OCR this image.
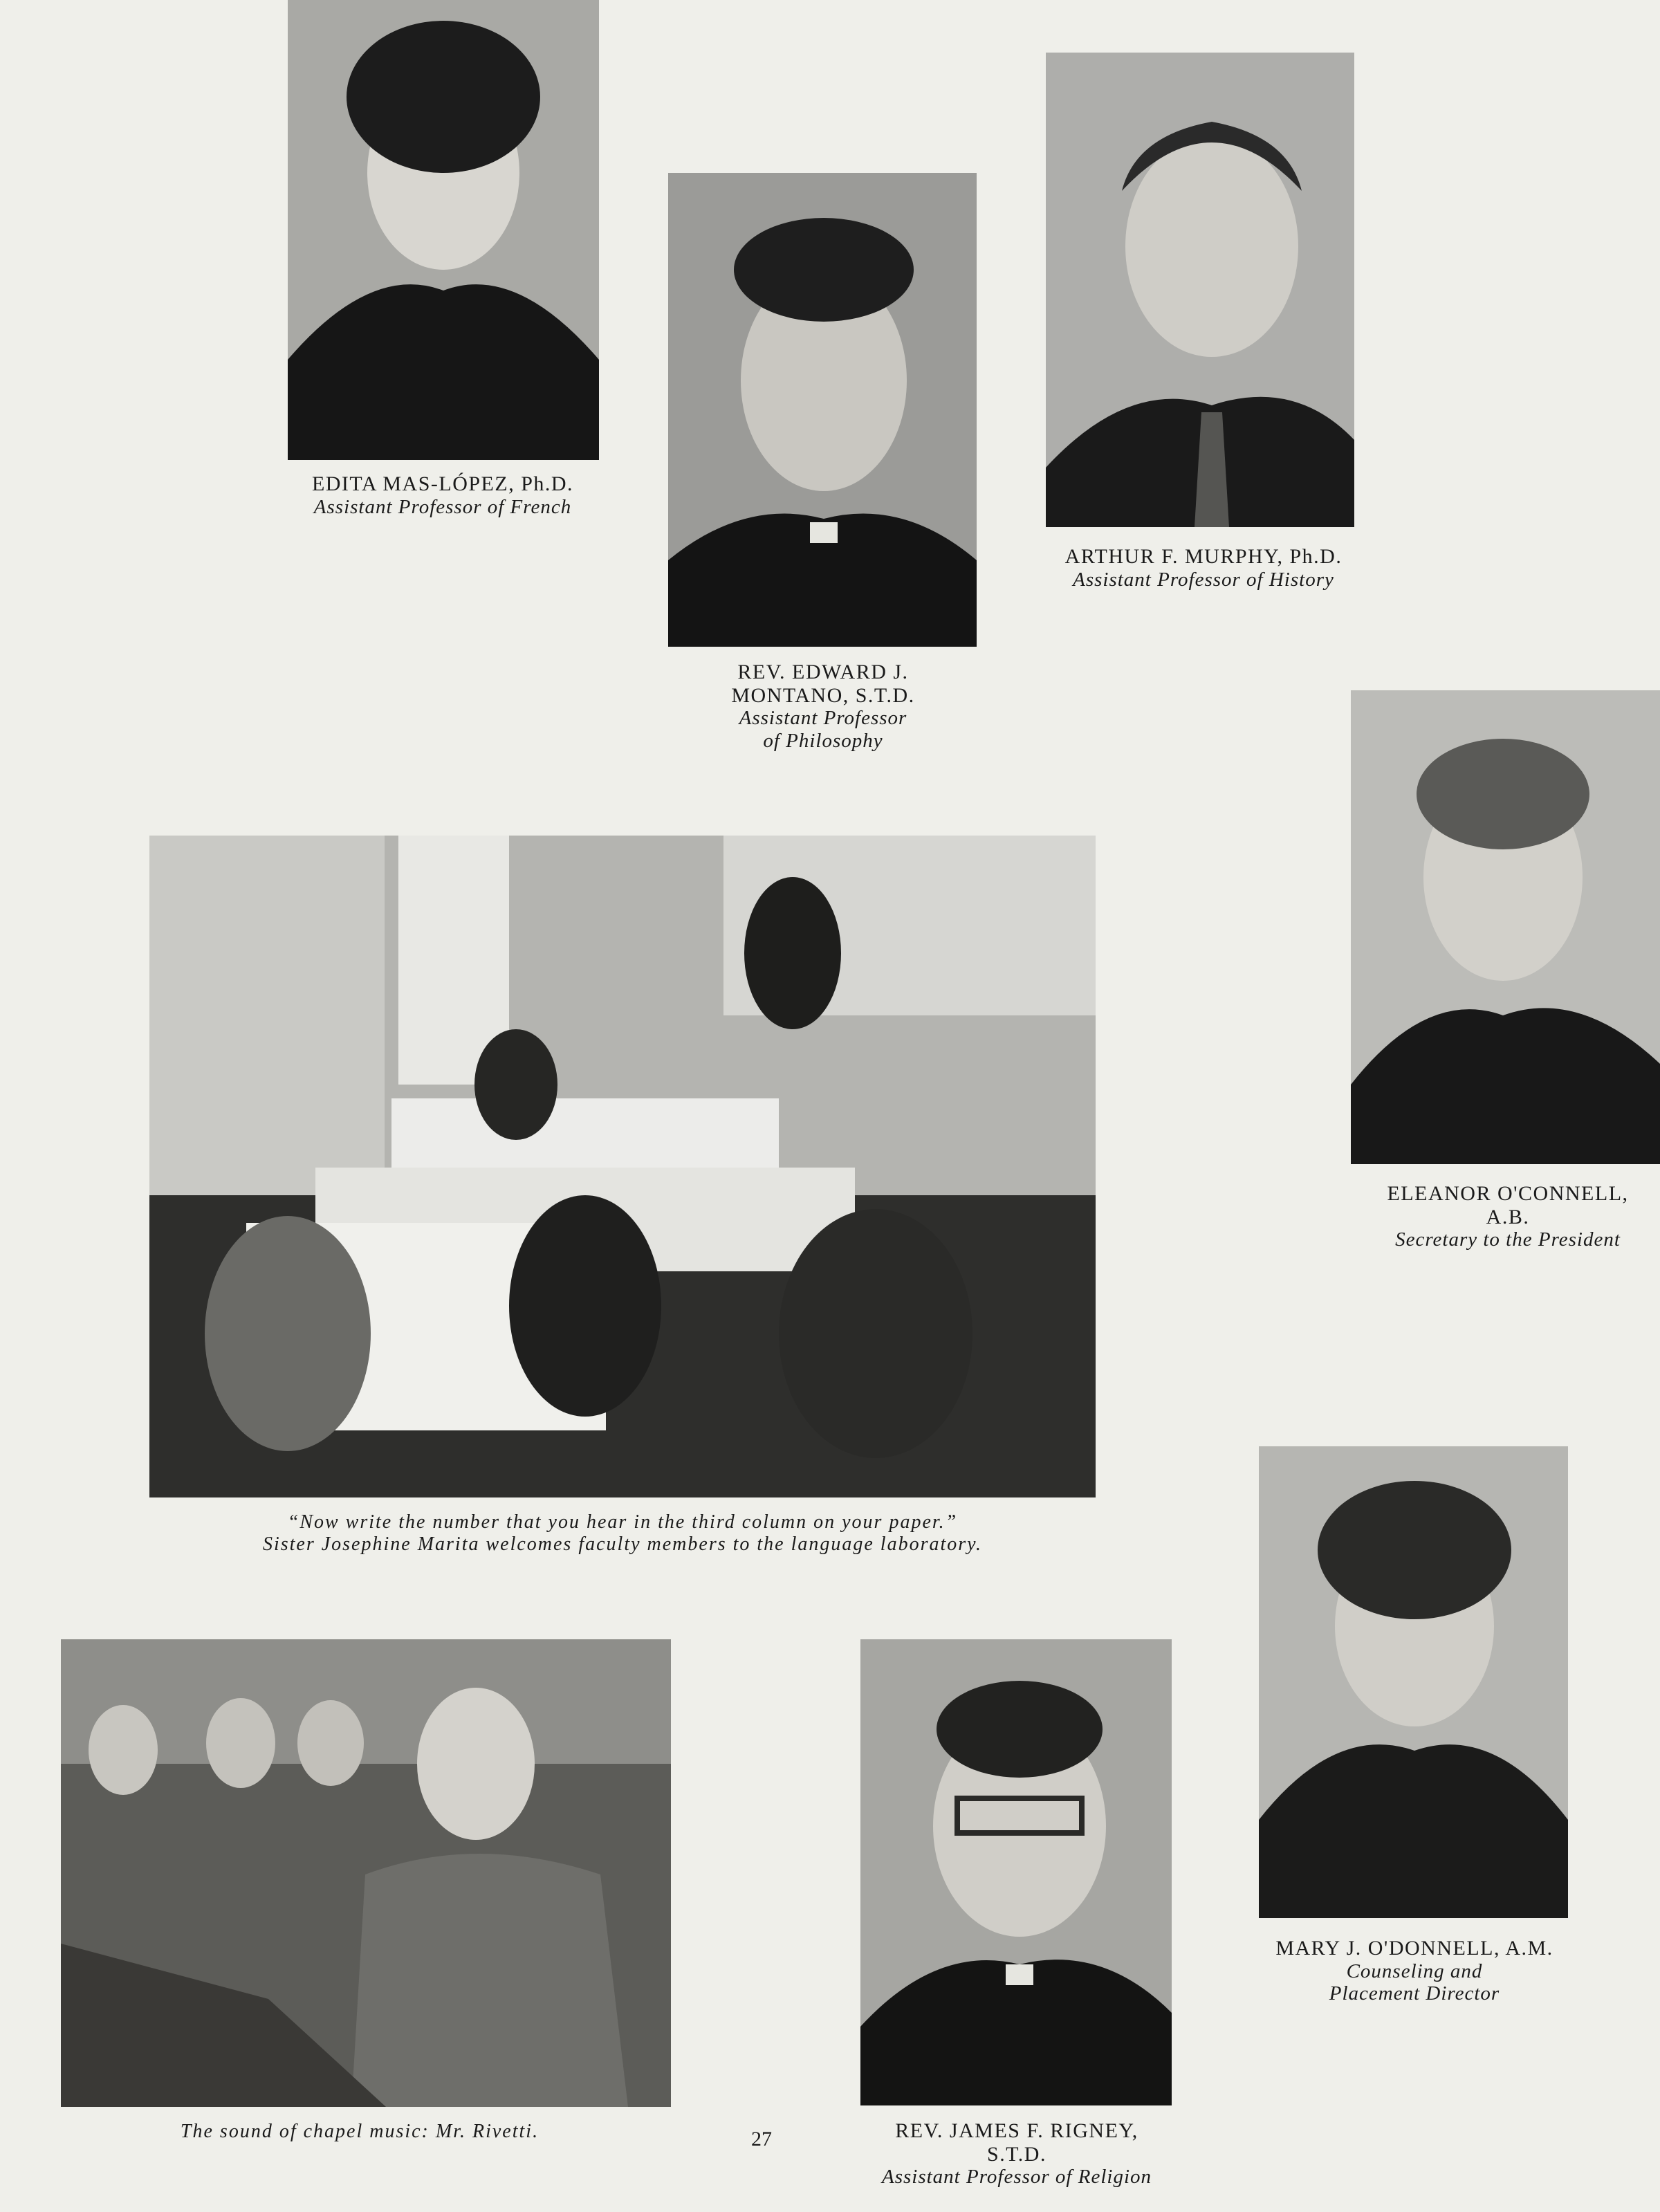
EDITA MAS-LÓPEZ, Ph.D.
Assistant Professor of French
REV. EDWARD J.
MONTANO, S.T.D.
Assistant Professor
of Philosophy
ARTHUR F. MURPHY, Ph.D.
Assistant Professor of History
ELEANOR O'CONNELL,
A.B.
Secretary to the President
“Now write the number that you hear in the third column on your paper.”
Sister Josephine Marita welcomes faculty members to the language laboratory.
MARY J. O'DONNELL, A.M.
Counseling and
Placement Director
The sound of chapel music: Mr. Rivetti.	27	REV. JAMES F. RIGNEY,
S.T.D.
Assistant Professor of Religion
